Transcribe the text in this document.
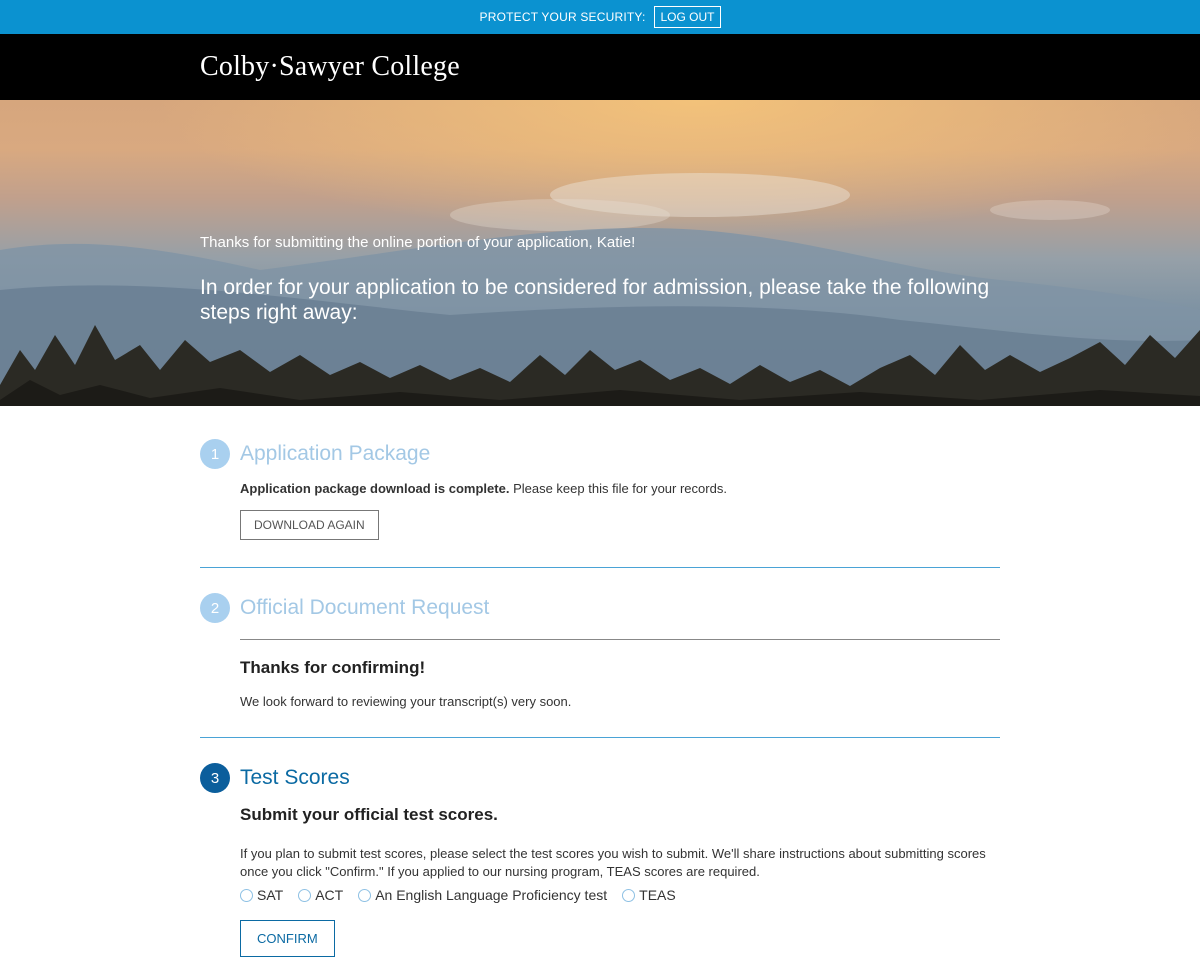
PROTECT YOUR SECURITY:	LOG OUT
Colby·Sawyer College
Thanks for submitting the online portion of your application, Katie!
In order for your application to be considered for admission, please take the following steps right away:
1 Application Package

Application package download is complete. Please keep this file for your records.

DOWNLOAD AGAIN
2 Official Document Request
Thanks for confirming!

We look forward to reviewing your transcript(s) very soon.

3 Test Scores
Submit your official test scores.

If you plan to submit test scores, please select the test scores you wish to submit. We'll share instructions about submitting scores once you click "Confirm." If you applied to our nursing program, TEAS scores are required.

SAT ACT An English Language Proficiency test TEAS
CONFIRM
